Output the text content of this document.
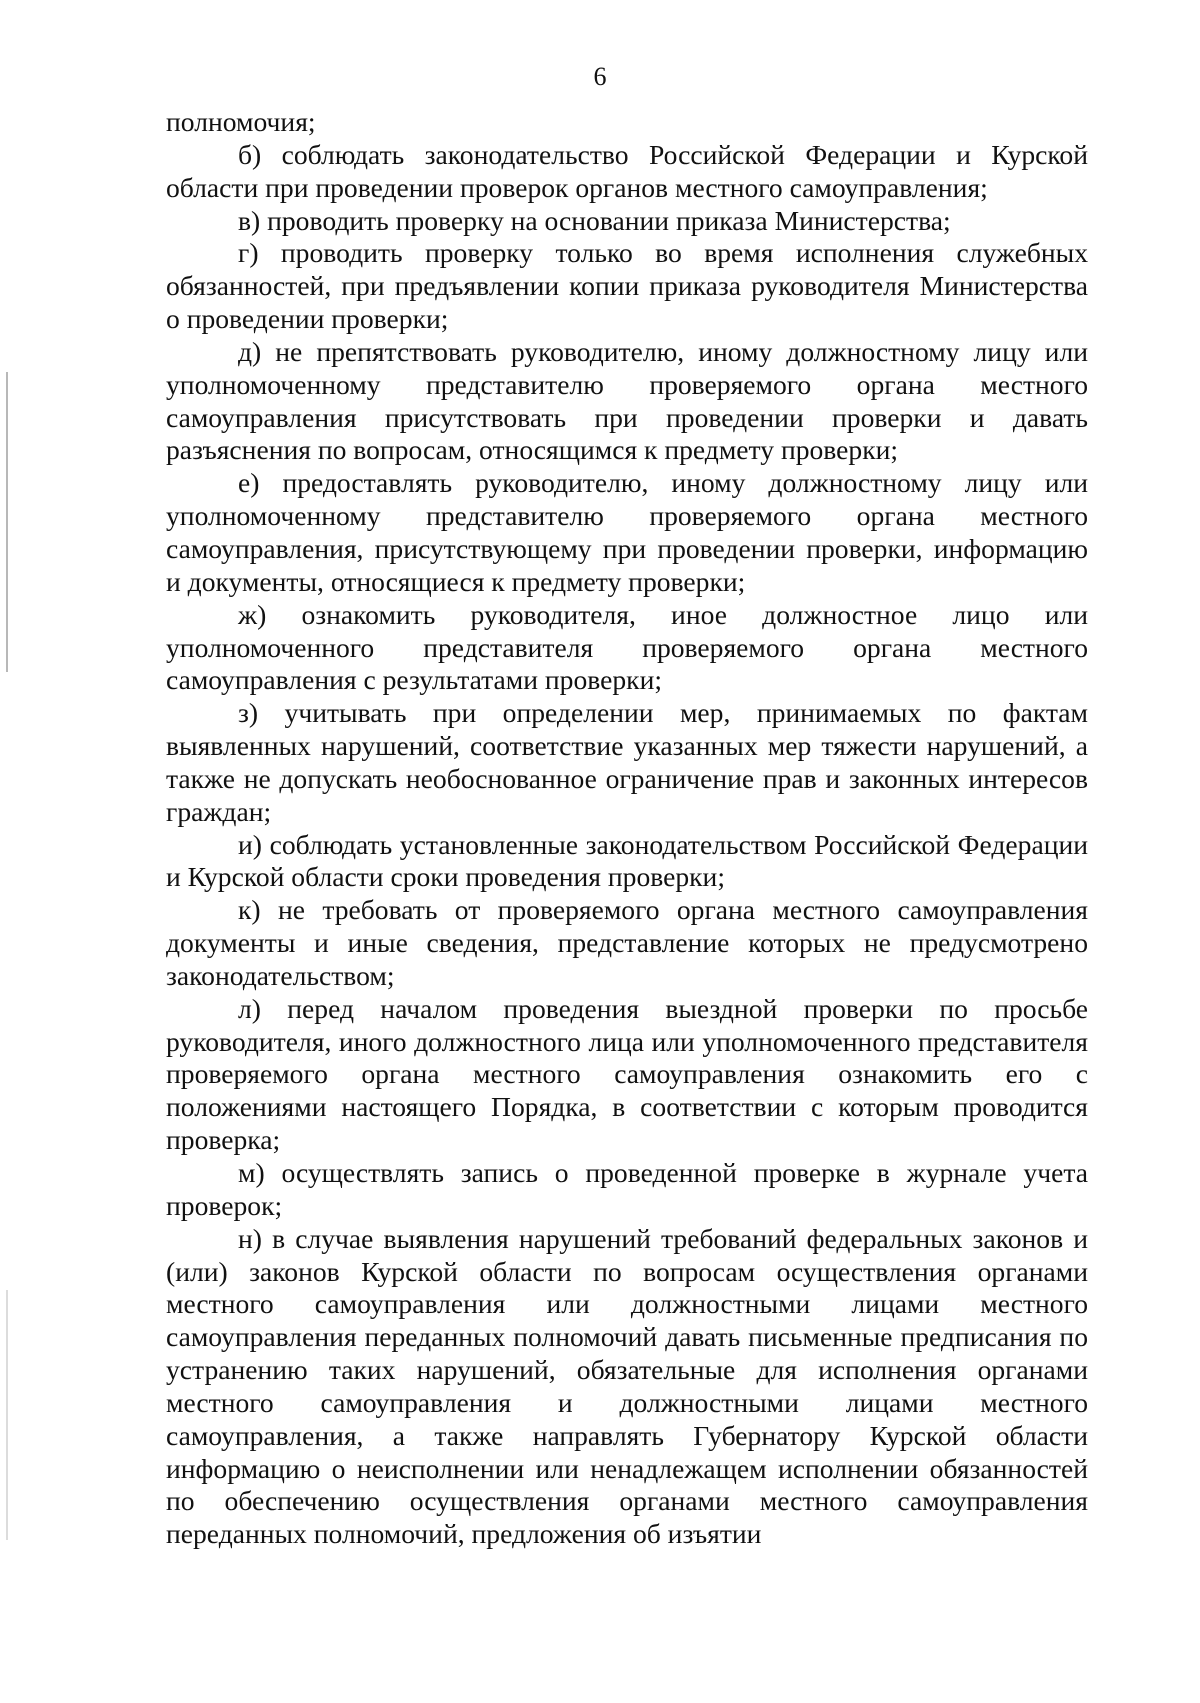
6

полномочия;

б) соблюдать законодательство Российской Федерации и Курской области при проведении проверок органов местного самоуправления;

в) проводить проверку на основании приказа Министерства;

г) проводить проверку только во время исполнения служебных обязанностей, при предъявлении копии приказа руководителя Министерства о проведении проверки;

д) не препятствовать руководителю, иному должностному лицу или уполномоченному представителю проверяемого органа местного самоуправления присутствовать при проведении проверки и давать разъяснения по вопросам, относящимся к предмету проверки;

е) предоставлять руководителю, иному должностному лицу или уполномоченному представителю проверяемого органа местного самоуправления, присутствующему при проведении проверки, информацию и документы, относящиеся к предмету проверки;

ж) ознакомить руководителя, иное должностное лицо или уполномоченного представителя проверяемого органа местного самоуправления с результатами проверки;

з) учитывать при определении мер, принимаемых по фактам выявленных нарушений, соответствие указанных мер тяжести нарушений, а также не допускать необоснованное ограничение прав и законных интересов граждан;

и) соблюдать установленные законодательством Российской Федерации и Курской области сроки проведения проверки;

к) не требовать от проверяемого органа местного самоуправления документы и иные сведения, представление которых не предусмотрено законодательством;

л) перед началом проведения выездной проверки по просьбе руководителя, иного должностного лица или уполномоченного представителя проверяемого органа местного самоуправления ознакомить его с положениями настоящего Порядка, в соответствии с которым проводится проверка;

м) осуществлять запись о проведенной проверке в журнале учета проверок;

н) в случае выявления нарушений требований федеральных законов и (или) законов Курской области по вопросам осуществления органами местного самоуправления или должностными лицами местного самоуправления переданных полномочий давать письменные предписания по устранению таких нарушений, обязательные для исполнения органами местного самоуправления и должностными лицами местного самоуправления, а также направлять Губернатору Курской области информацию о неисполнении или ненадлежащем исполнении обязанностей по обеспечению осуществления органами местного самоуправления переданных полномочий, предложения об изъятии
